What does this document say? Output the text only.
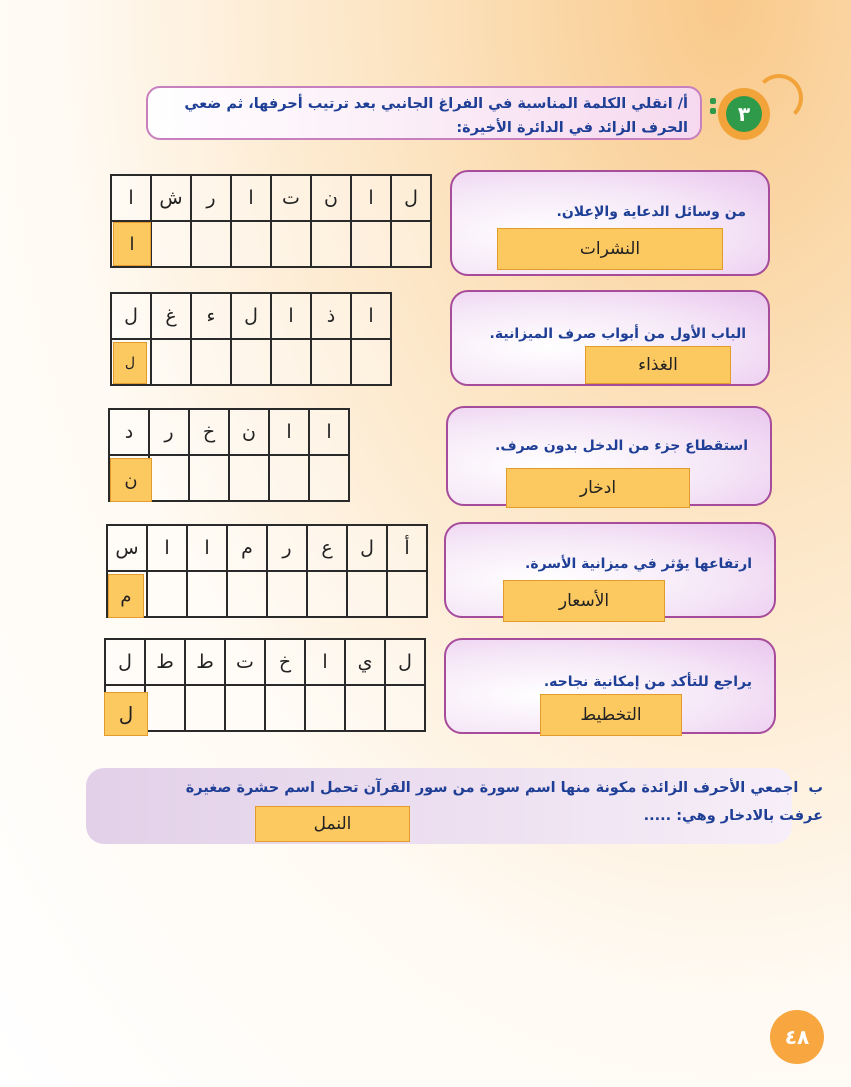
٣
أ/ انقلي الكلمة المناسبة في الفراغ الجانبي بعد ترتيب أحرفها، ثم ضعي
الحرف الزائد في الدائرة الأخيرة:
من وسائل الدعاية والإعلان.
النشرات
ل	ا	ن	ت	ا	ر	ش	ا

ا
الباب الأول من أبواب صرف الميزانية.
الغذاء
ا	ذ	ا	ل	ء	غ	ل

ل
استقطاع جزء من الدخل بدون صرف.
ادخار
ا	ا	ن	خ	ر	د

ن
ارتفاعها يؤثر في ميزانية الأسرة.
الأسعار
أ	ل	ع	ر	م	ا	ا	س

م
يراجع للتأكد من إمكانية نجاحه.
التخطيط
ل	ي	ا	خ	ت	ط	ط	ل

ل
ب  اجمعي الأحرف الزائدة مكونة منها اسم سورة من سور القرآن تحمل اسم حشرة صغيرة
عرفت بالادخار وهي: .....
النمل
٤٨
